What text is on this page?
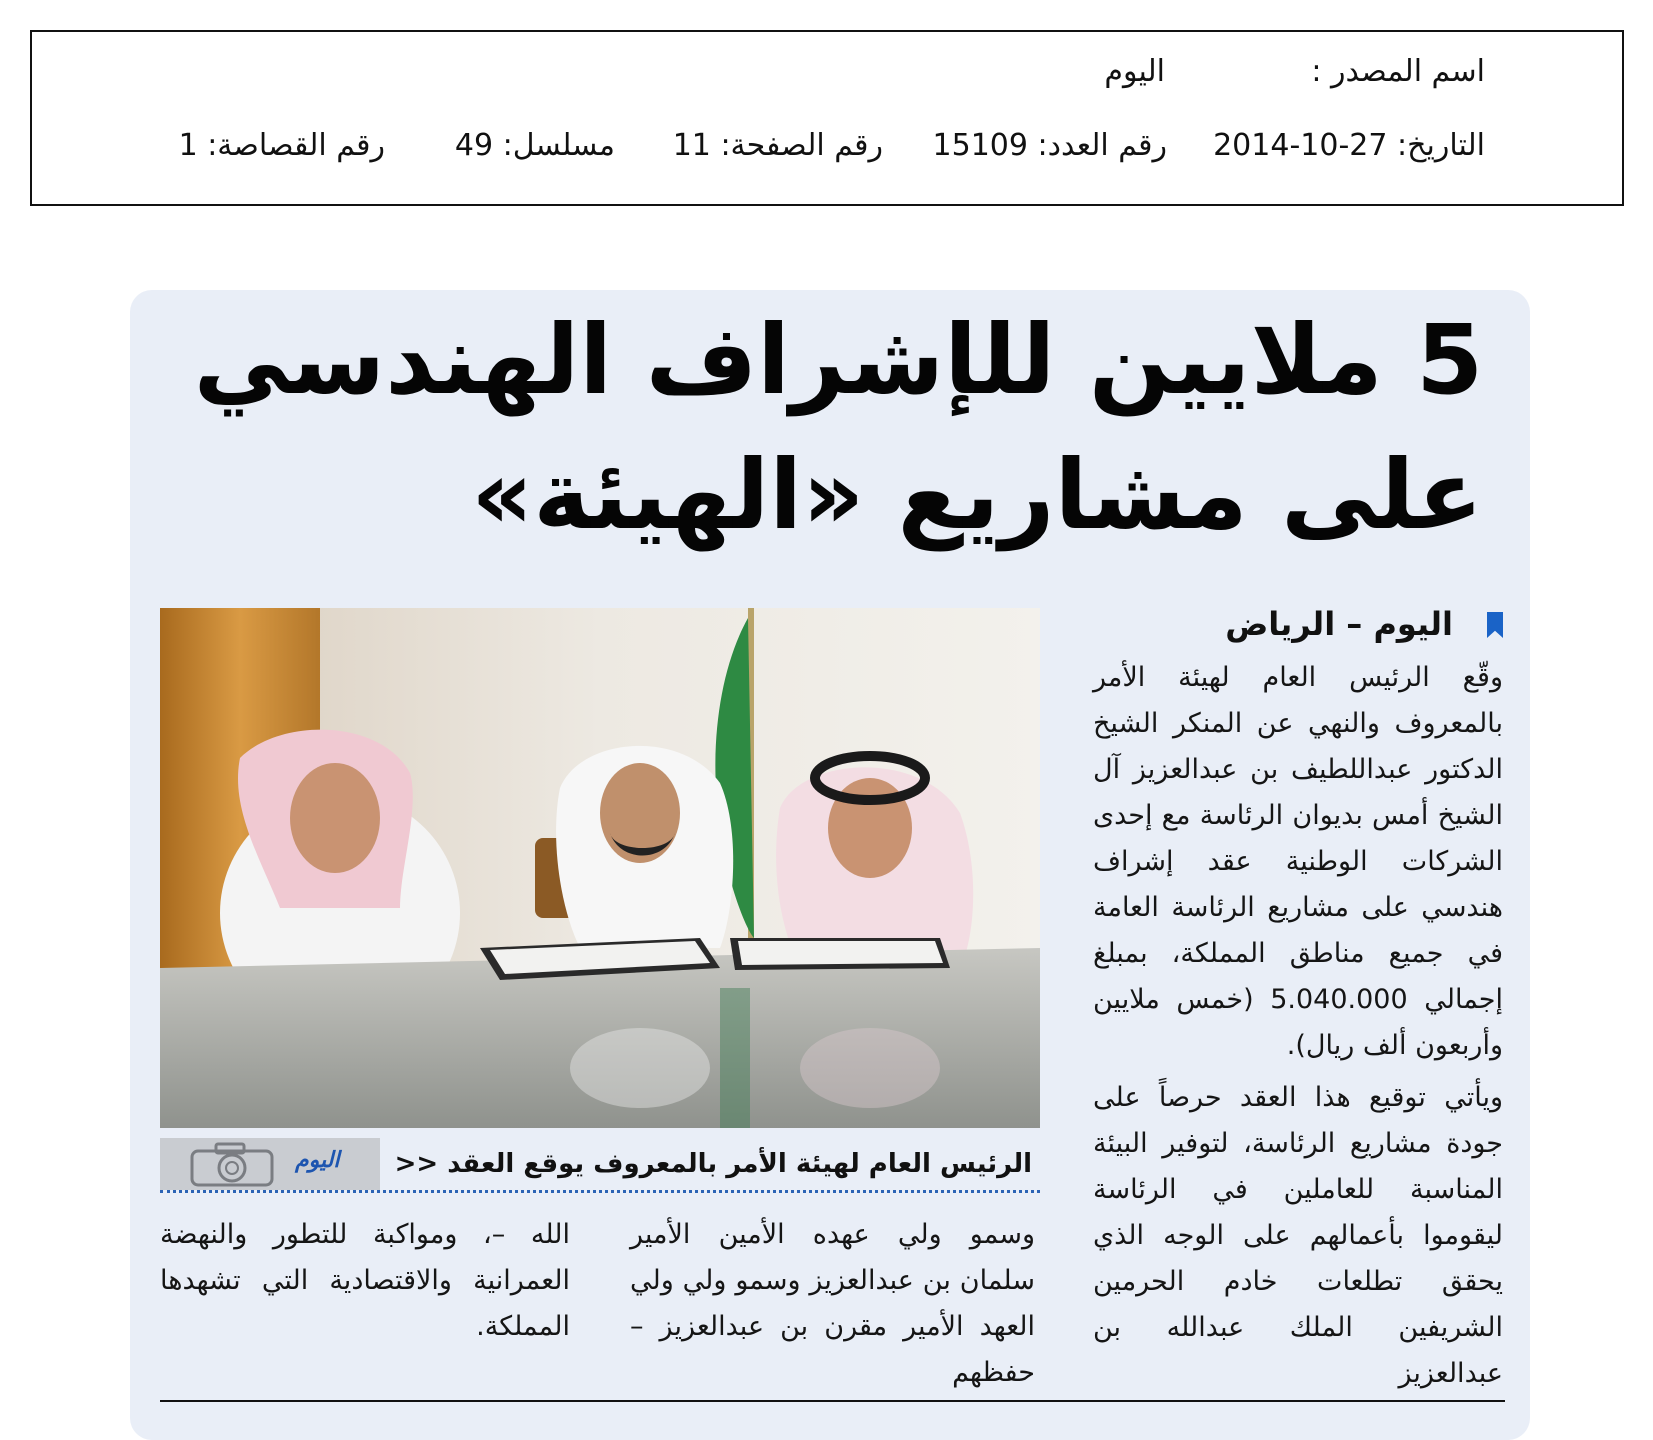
اسم المصدر :
اليوم
التاريخ: 27-10-2014
رقم العدد: 15109
رقم الصفحة: 11
مسلسل: 49
رقم القصاصة: 1
5 ملايين للإشراف الهندسي
على مشاريع «الهيئة»
اليوم – الرياض

وقّع الرئيس العام لهيئة الأمر بالمعروف والنهي عن المنكر الشيخ الدكتور عبداللطيف بن عبدالعزيز آل الشيخ أمس بديوان الرئاسة مع إحدى الشركات الوطنية عقد إشراف هندسي على مشاريع الرئاسة العامة في جميع مناطق المملكة، بمبلغ إجمالي 5.040.000 (خمس ملايين وأربعون ألف ريال).

ويأتي توقيع هذا العقد حرصاً على جودة مشاريع الرئاسة، لتوفير البيئة المناسبة للعاملين في الرئاسة ليقوموا بأعمالهم على الوجه الذي يحقق تطلعات خادم الحرمين الشريفين الملك عبدالله بن عبدالعزيز

الرئيس العام لهيئة الأمر بالمعروف يوقع العقد <<
اليوم

وسمو ولي عهده الأمين الأمير سلمان بن عبدالعزيز وسمو ولي ولي العهد الأمير مقرن بن عبدالعزيز – حفظهم

الله –، ومواكبة للتطور والنهضة العمرانية والاقتصادية التي تشهدها المملكة.
